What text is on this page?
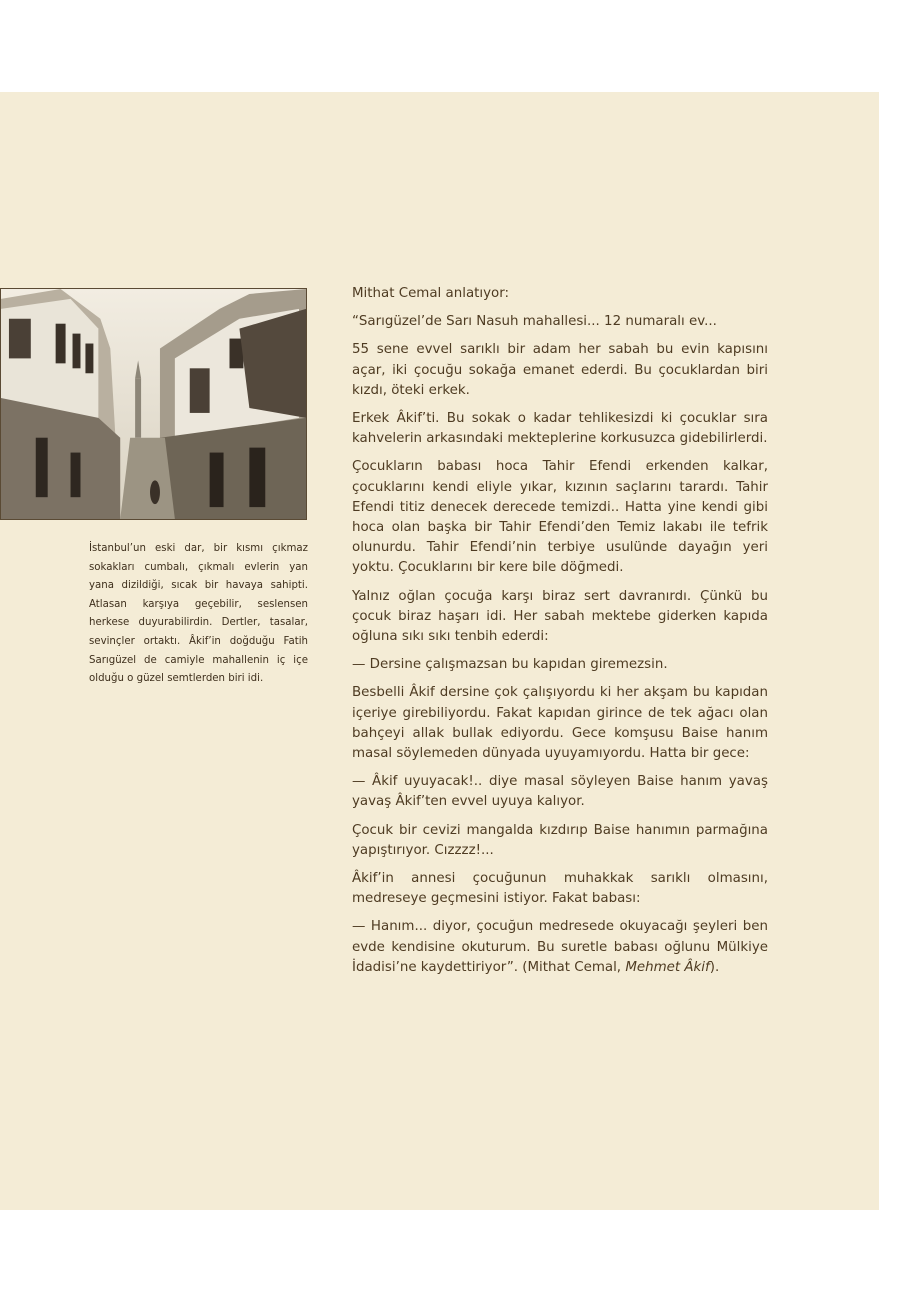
İstanbul’un eski dar, bir kısmı çıkmaz sokakları cumbalı, çıkmalı evlerin yan yana dizildiği, sıcak bir havaya sahipti. Atlasan karşıya geçebilir, seslensen herkese duyurabilirdin. Dertler, tasalar, sevinçler ortaktı. Âkif’in doğduğu Fatih Sarıgüzel de camiyle mahallenin iç içe olduğu o güzel semtlerden biri idi.

Mithat Cemal anlatıyor:

“Sarıgüzel’de Sarı Nasuh mahallesi... 12 numaralı ev...

55 sene evvel sarıklı bir adam her sabah bu evin kapısını açar, iki çocuğu sokağa emanet ederdi. Bu çocuklardan biri kızdı, öteki erkek.

Erkek Âkif’ti. Bu sokak o kadar tehlikesizdi ki çocuklar sıra kahvelerin arkasındaki mekteplerine korkusuzca gidebilirlerdi.

Çocukların babası hoca Tahir Efendi erkenden kalkar, çocuklarını kendi eliyle yıkar, kızının saçlarını tarardı. Tahir Efendi titiz denecek derecede temizdi.. Hatta yine kendi gibi hoca olan başka bir Tahir Efendi’den Temiz lakabı ile tefrik olunurdu. Tahir Efendi’nin terbiye usulünde dayağın yeri yoktu. Çocuklarını bir kere bile döğmedi.

Yalnız oğlan çocuğa karşı biraz sert davranırdı. Çünkü bu çocuk biraz haşarı idi. Her sabah mektebe giderken kapıda oğluna sıkı sıkı tenbih ederdi:

— Dersine çalışmazsan bu kapıdan giremezsin.

Besbelli Âkif dersine çok çalışıyordu ki her akşam bu kapıdan içeriye girebiliyordu. Fakat kapıdan girince de tek ağacı olan bahçeyi allak bullak ediyordu. Gece komşusu Baise hanım masal söylemeden dünyada uyuyamıyordu. Hatta bir gece:

— Âkif uyuyacak!.. diye masal söyleyen Baise hanım yavaş yavaş Âkif’ten evvel uyuya kalıyor.

Çocuk bir cevizi mangalda kızdırıp Baise hanımın parmağına yapıştırıyor. Cızzzz!...

Âkif’in annesi çocuğunun muhakkak sarıklı olmasını, medreseye geçmesini istiyor. Fakat babası:

— Hanım... diyor, çocuğun medresede okuyacağı şeyleri ben evde kendisine okuturum. Bu suretle babası oğlunu Mülkiye İdadisi’ne kaydettiriyor”. (Mithat Cemal, Mehmet Âkif).
